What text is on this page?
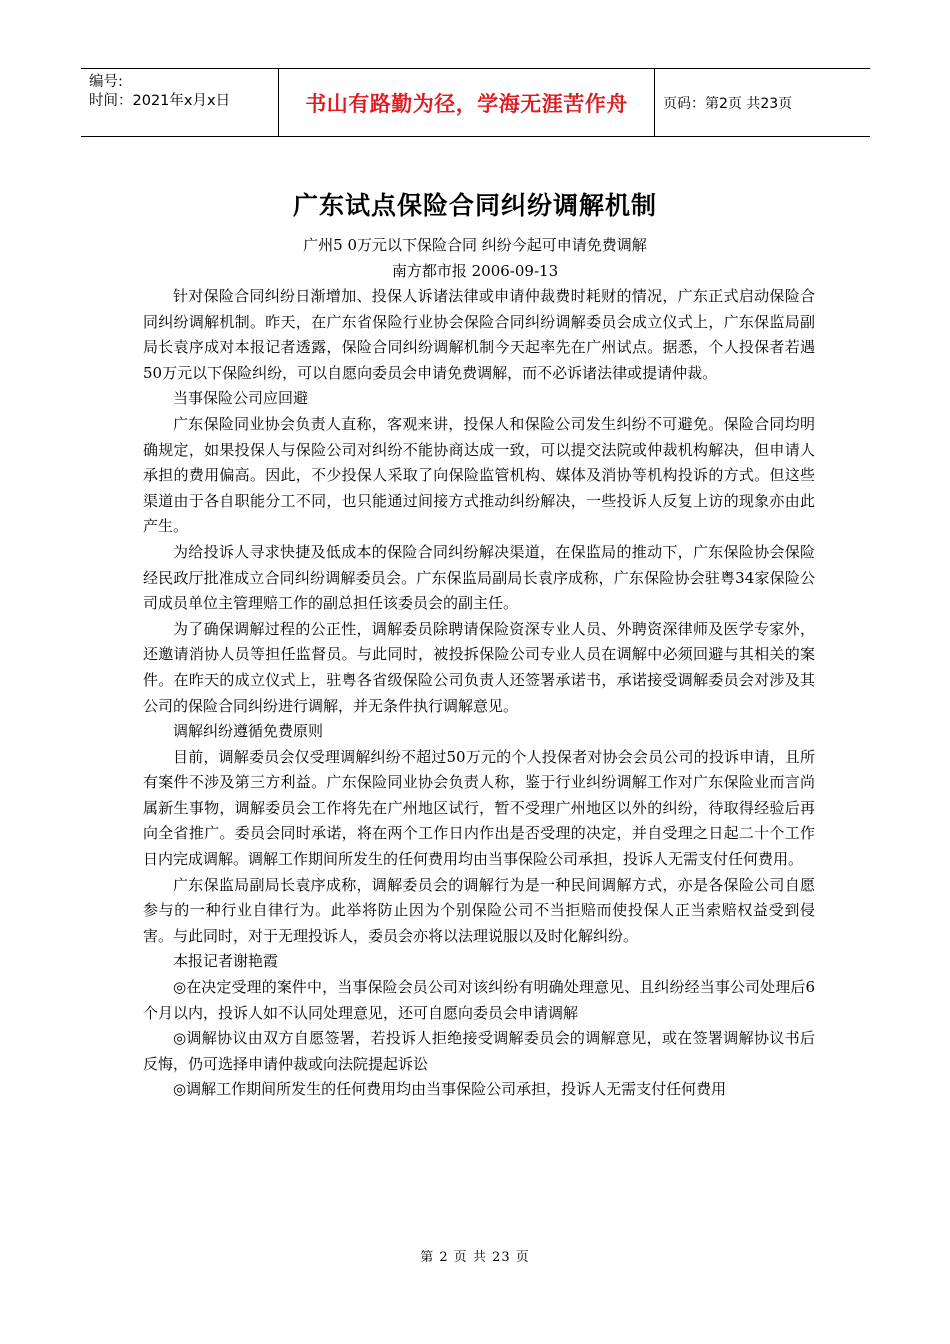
编号:
时间：2021年x月x日	书山有路勤为径，学海无涯苦作舟	页码：第2页 共23页
广东试点保险合同纠纷调解机制
广州5 0万元以下保险合同 纠纷今起可申请免费调解
南方都市报 2006-09-13

针对保险合同纠纷日渐增加、投保人诉诸法律或申请仲裁费时耗财的情况，广东正式启动保险合同纠纷调解机制。昨天，在广东省保险行业协会保险合同纠纷调解委员会成立仪式上，广东保监局副局长袁序成对本报记者透露，保险合同纠纷调解机制今天起率先在广州试点。据悉，个人投保者若遇50万元以下保险纠纷，可以自愿向委员会申请免费调解，而不必诉诸法律或提请仲裁。

当事保险公司应回避

广东保险同业协会负责人直称，客观来讲，投保人和保险公司发生纠纷不可避免。保险合同均明确规定，如果投保人与保险公司对纠纷不能协商达成一致，可以提交法院或仲裁机构解决，但申请人承担的费用偏高。因此，不少投保人采取了向保险监管机构、媒体及消协等机构投诉的方式。但这些渠道由于各自职能分工不同，也只能通过间接方式推动纠纷解决，一些投诉人反复上访的现象亦由此产生。

为给投诉人寻求快捷及低成本的保险合同纠纷解决渠道，在保监局的推动下，广东保险协会保险经民政厅批准成立合同纠纷调解委员会。广东保监局副局长袁序成称，广东保险协会驻粤34家保险公司成员单位主管理赔工作的副总担任该委员会的副主任。

为了确保调解过程的公正性，调解委员除聘请保险资深专业人员、外聘资深律师及医学专家外，还邀请消协人员等担任监督员。与此同时，被投拆保险公司专业人员在调解中必须回避与其相关的案件。在昨天的成立仪式上，驻粤各省级保险公司负责人还签署承诺书，承诺接受调解委员会对涉及其公司的保险合同纠纷进行调解，并无条件执行调解意见。

调解纠纷遵循免费原则

目前，调解委员会仅受理调解纠纷不超过50万元的个人投保者对协会会员公司的投诉申请，且所有案件不涉及第三方利益。广东保险同业协会负责人称，鉴于行业纠纷调解工作对广东保险业而言尚属新生事物，调解委员会工作将先在广州地区试行，暂不受理广州地区以外的纠纷，待取得经验后再向全省推广。委员会同时承诺，将在两个工作日内作出是否受理的决定，并自受理之日起二十个工作日内完成调解。调解工作期间所发生的任何费用均由当事保险公司承担，投诉人无需支付任何费用。

广东保监局副局长袁序成称，调解委员会的调解行为是一种民间调解方式，亦是各保险公司自愿参与的一种行业自律行为。此举将防止因为个别保险公司不当拒赔而使投保人正当索赔权益受到侵害。与此同时，对于无理投诉人，委员会亦将以法理说服以及时化解纠纷。

本报记者谢艳霞

◎在决定受理的案件中，当事保险会员公司对该纠纷有明确处理意见、且纠纷经当事公司处理后6个月以内，投诉人如不认同处理意见，还可自愿向委员会申请调解

◎调解协议由双方自愿签署，若投诉人拒绝接受调解委员会的调解意见，或在签署调解协议书后反悔，仍可选择申请仲裁或向法院提起诉讼

◎调解工作期间所发生的任何费用均由当事保险公司承担，投诉人无需支付任何费用

第 2 页 共 23 页
